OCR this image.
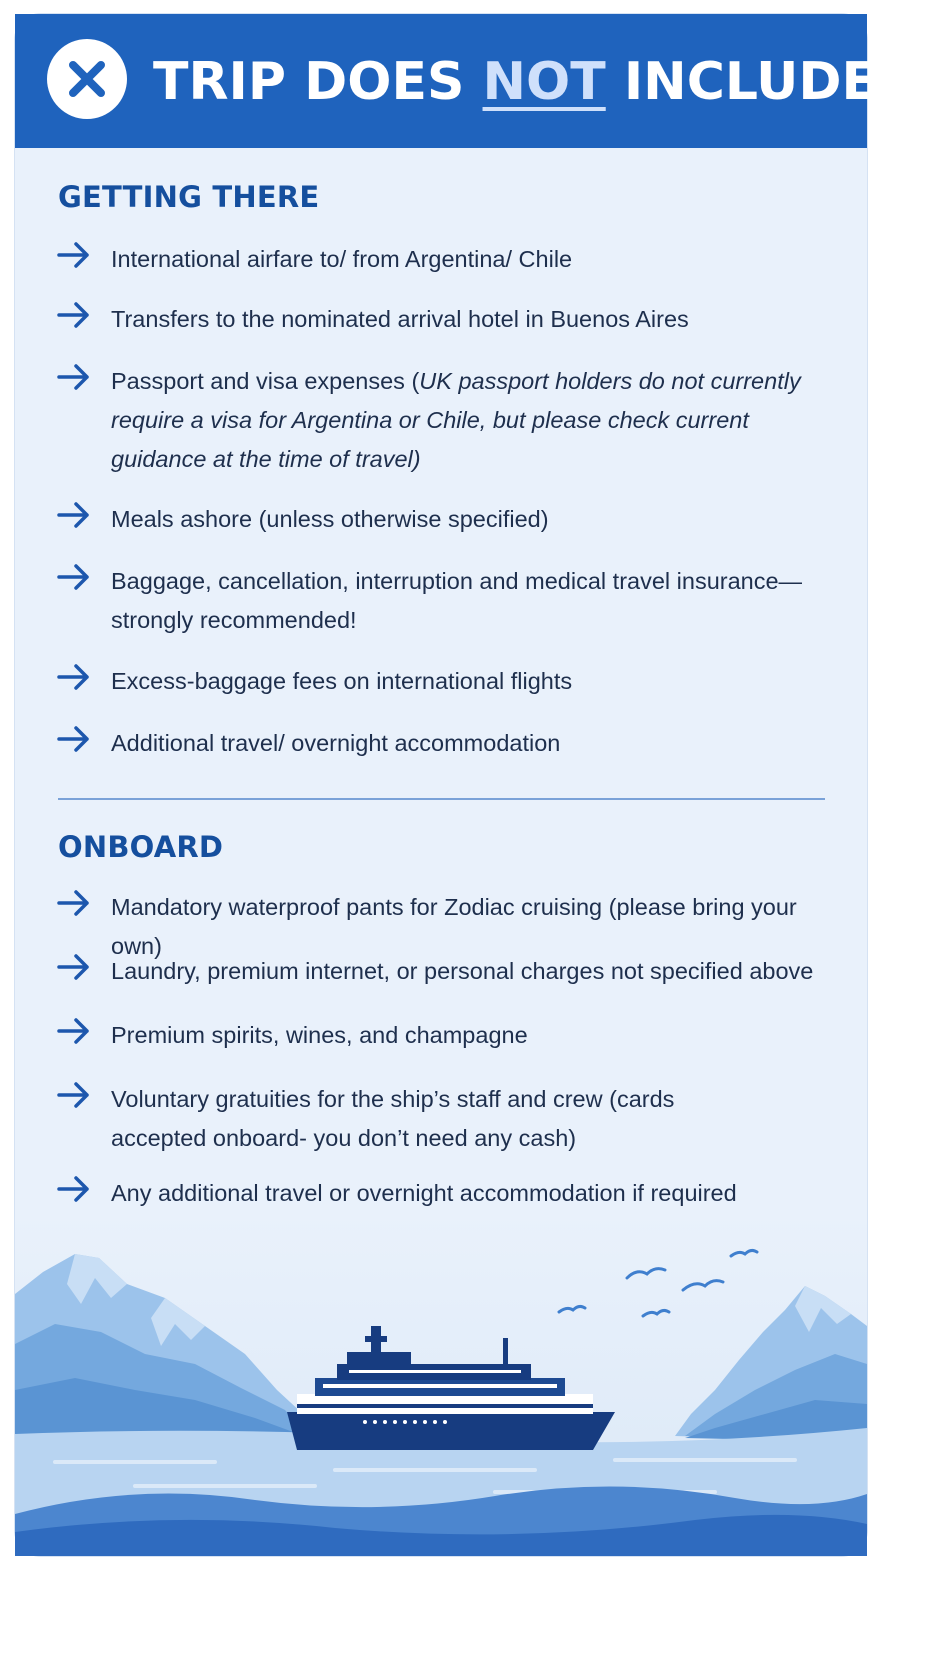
TRIP DOES NOT INCLUDE:
GETTING THERE
International airfare to/ from Argentina/ Chile
Transfers to the nominated arrival hotel in Buenos Aires
Passport and visa expenses (UK passport holders do not currently require a visa for Argentina or Chile, but please check current guidance at the time of travel)
Meals ashore (unless otherwise specified)
Baggage, cancellation, interruption and medical travel insurance—strongly recommended!
Excess-baggage fees on international flights
Additional travel/ overnight accommodation
ONBOARD
Mandatory waterproof pants for Zodiac cruising (please bring your own)
Laundry, premium internet, or personal charges not specified above
Premium spirits, wines, and champagne
Voluntary gratuities for the ship’s staff and crew (cards accepted onboard- you don’t need any cash)
Any additional travel or overnight accommodation if required
